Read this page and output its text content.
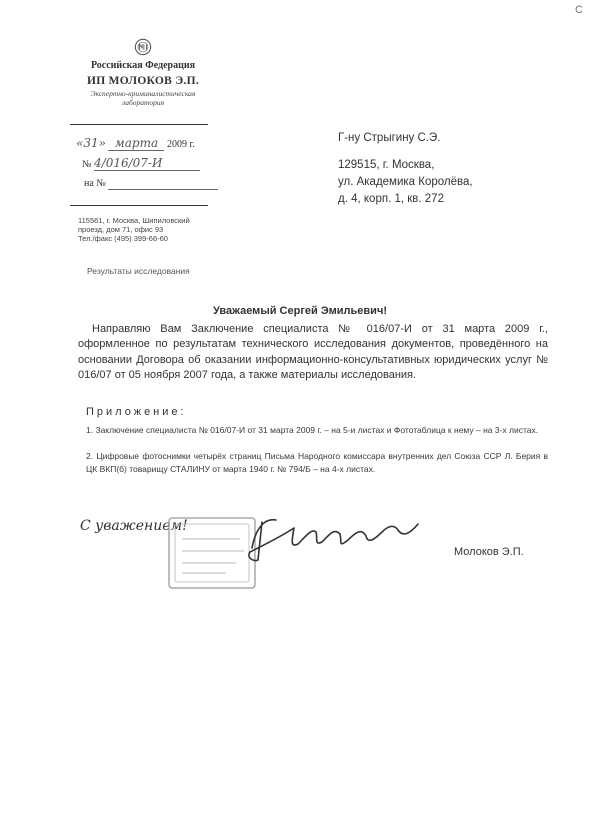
C
Российская Федерация
ИП МОЛОКОВ Э.П.
Экспертно-криминалистическая лаборатория
«31» марта 2009 г.
№ 4/016/07-И
на №
115561, г. Москва, Шипиловский проезд, дом 71, офис 93
Тел./факс (495) 399-66-60
Результаты исследования
Г-ну Стрыгину С.Э.
129515, г. Москва,
ул. Академика Королёва,
д. 4, корп. 1, кв. 272
Уважаемый Сергей Эмильевич!
Направляю Вам Заключение специалиста № 016/07-И от 31 марта 2009 г., оформленное по результатам технического исследования документов, проведённого на основании Договора об оказании информационно-консультативных юридических услуг № 016/07 от 05 ноября 2007 года, а также материалы исследования.
Приложение:
1. Заключение специалиста № 016/07-И от 31 марта 2009 г. – на 5-и листах и Фототаблица к нему – на 3-х листах.
2. Цифровые фотоснимки четырёх страниц Письма Народного комиссара внутренних дел Союза ССР Л. Берия в ЦК ВКП(б) товарищу СТАЛИНУ от марта 1940 г. № 794/Б – на 4-х листах.
С уважением!
Молоков Э.П.
